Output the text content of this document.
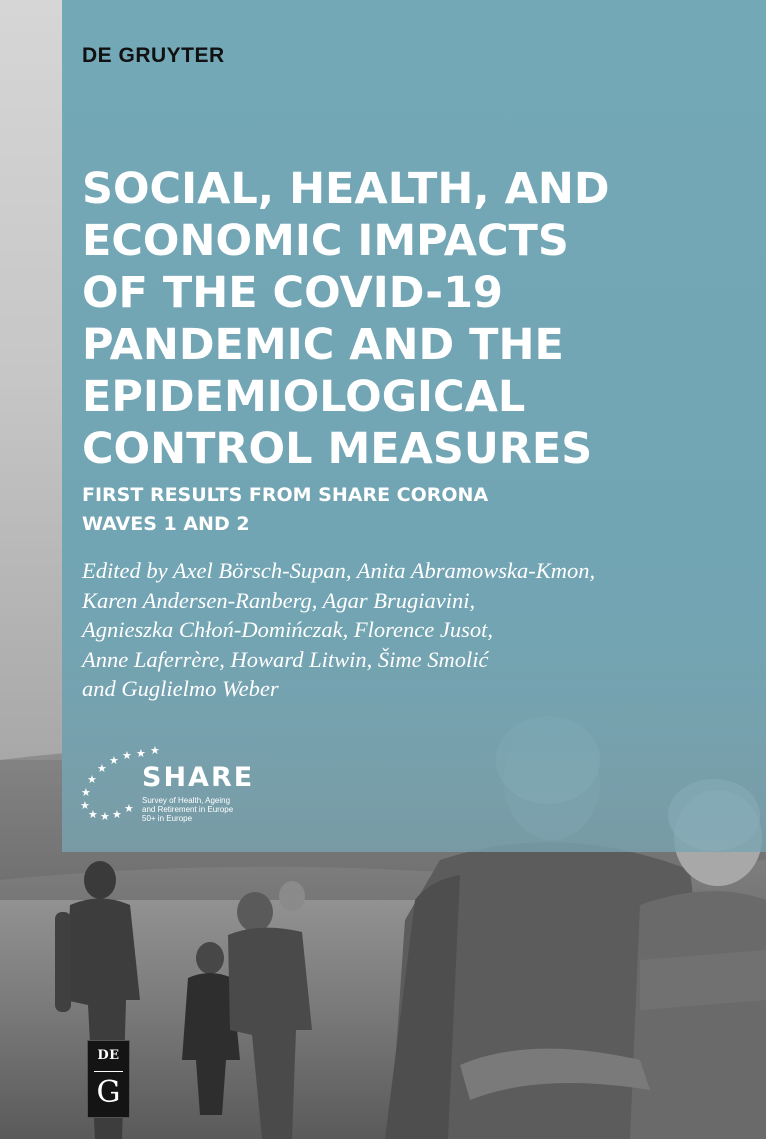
DE GRUYTER
SOCIAL, HEALTH, AND
ECONOMIC IMPACTS
OF THE COVID-19
PANDEMIC AND THE
EPIDEMIOLOGICAL
CONTROL MEASURES
FIRST RESULTS FROM SHARE CORONA
WAVES 1 AND 2

Edited by Axel Börsch-Supan, Anita Abramowska-Kmon,
Karen Andersen-Ranberg, Agar Brugiavini,
Agnieszka Chłoń-Domińczak, Florence Jusot,
Anne Laferrère, Howard Litwin, Šime Smolić
and Guglielmo Weber

★
★
★
★
★
★
★
★ ★ ★ ★
★

SHARE

Survey of Health, Ageing
and Retirement in Europe
50+ in Europe

DE
G
